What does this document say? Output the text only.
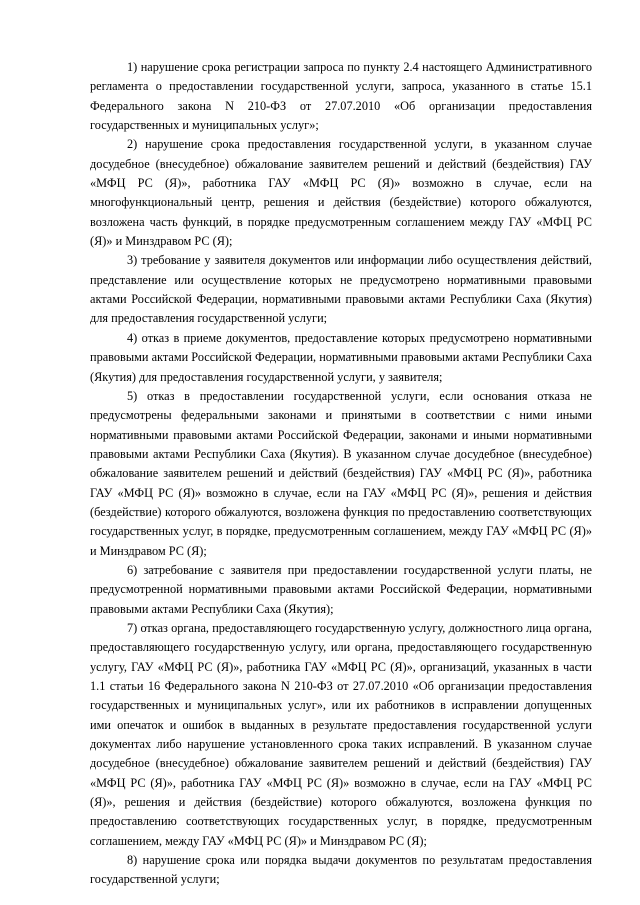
1) нарушение срока регистрации запроса по пункту 2.4 настоящего Административного регламента о предоставлении государственной услуги, запроса, указанного в статье 15.1 Федерального закона N 210-ФЗ от 27.07.2010 «Об организации предоставления государственных и муниципальных услуг»;

2) нарушение срока предоставления государственной услуги, в указанном случае досудебное (внесудебное) обжалование заявителем решений и действий (бездействия) ГАУ «МФЦ РС (Я)», работника ГАУ «МФЦ РС (Я)» возможно в случае, если на многофункциональный центр, решения и действия (бездействие) которого обжалуются, возложена часть функций, в порядке предусмотренным соглашением между ГАУ «МФЦ РС (Я)» и Минздравом РС (Я);

3) требование у заявителя документов или информации либо осуществления действий, представление или осуществление которых не предусмотрено нормативными правовыми актами Российской Федерации, нормативными правовыми актами Республики Саха (Якутия) для предоставления государственной услуги;

4) отказ в приеме документов, предоставление которых предусмотрено нормативными правовыми актами Российской Федерации, нормативными правовыми актами Республики Саха (Якутия) для предоставления государственной услуги, у заявителя;

5) отказ в предоставлении государственной услуги, если основания отказа не предусмотрены федеральными законами и принятыми в соответствии с ними иными нормативными правовыми актами Российской Федерации, законами и иными нормативными правовыми актами Республики Саха (Якутия). В указанном случае досудебное (внесудебное) обжалование заявителем решений и действий (бездействия) ГАУ «МФЦ РС (Я)», работника ГАУ «МФЦ РС (Я)» возможно в случае, если на ГАУ «МФЦ РС (Я)», решения и действия (бездействие) которого обжалуются, возложена функция по предоставлению соответствующих государственных услуг, в порядке, предусмотренным соглашением, между ГАУ «МФЦ РС (Я)» и Минздравом РС (Я);

6) затребование с заявителя при предоставлении государственной услуги платы, не предусмотренной нормативными правовыми актами Российской Федерации, нормативными правовыми актами Республики Саха (Якутия);

7) отказ органа, предоставляющего государственную услугу, должностного лица органа, предоставляющего государственную услугу, или органа, предоставляющего государственную услугу, ГАУ «МФЦ РС (Я)», работника ГАУ «МФЦ РС (Я)», организаций, указанных в части 1.1 статьи 16 Федерального закона N 210-ФЗ от 27.07.2010 «Об организации предоставления государственных и муниципальных услуг», или их работников в исправлении допущенных ими опечаток и ошибок в выданных в результате предоставления государственной услуги документах либо нарушение установленного срока таких исправлений. В указанном случае досудебное (внесудебное) обжалование заявителем решений и действий (бездействия) ГАУ «МФЦ РС (Я)», работника ГАУ «МФЦ РС (Я)» возможно в случае, если на ГАУ «МФЦ РС (Я)», решения и действия (бездействие) которого обжалуются, возложена функция по предоставлению соответствующих государственных услуг, в порядке, предусмотренным соглашением, между ГАУ «МФЦ РС (Я)» и Минздравом РС (Я);

8) нарушение срока или порядка выдачи документов по результатам предоставления государственной услуги;
